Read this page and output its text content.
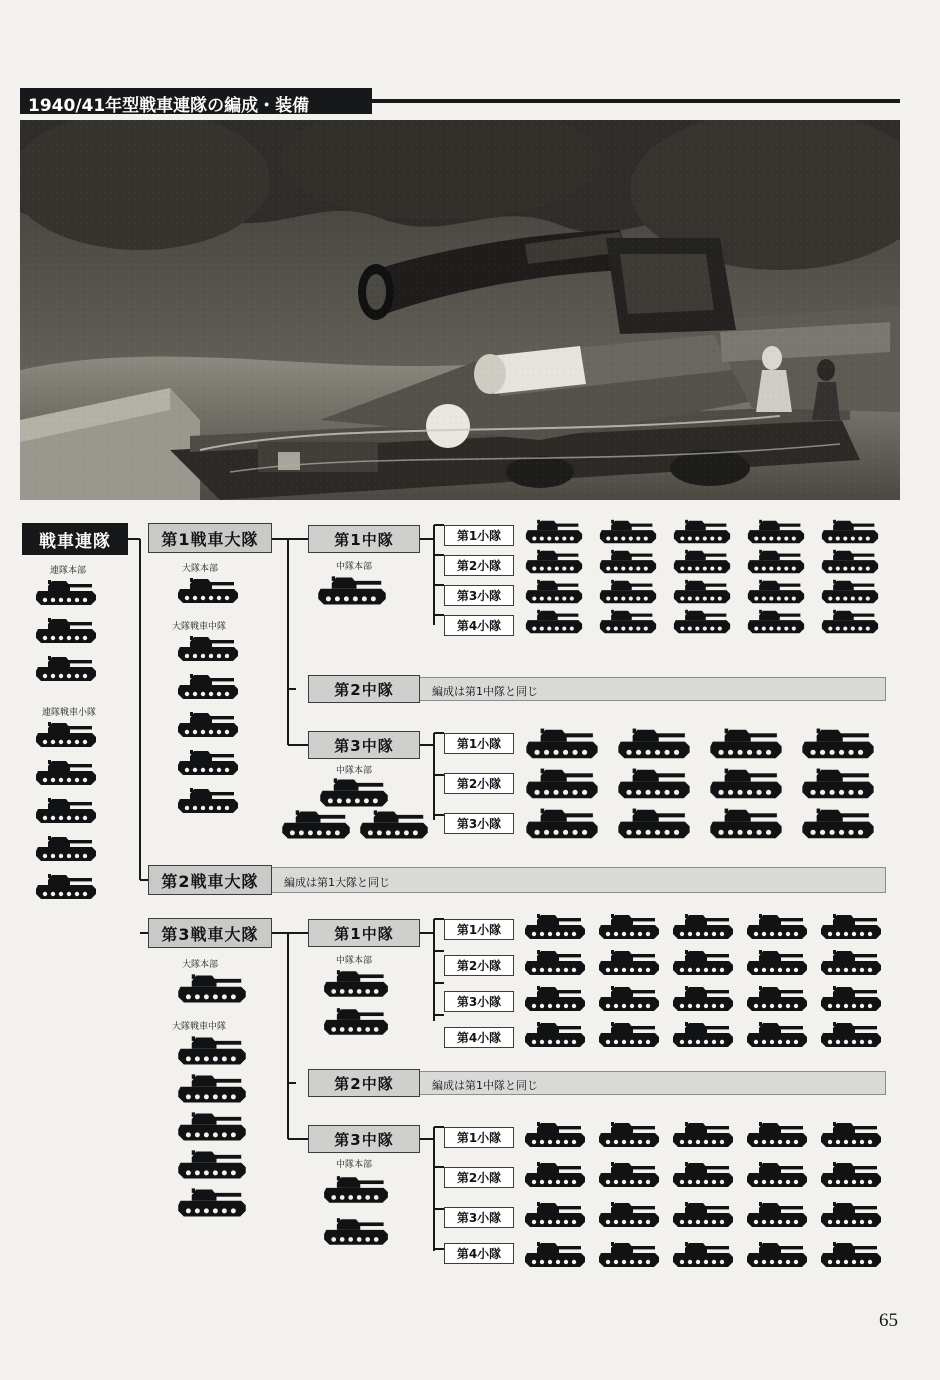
1940/41年型戦車連隊の編成・装備
戦車連隊
連隊本部
連隊戦車小隊
第1戦車大隊
大隊本部
大隊戦車中隊
第1中隊
中隊本部
第1小隊
第2小隊
第3小隊
第4小隊
第2中隊	編成は第1中隊と同じ
第3中隊
中隊本部
第1小隊
第2小隊
第3小隊
第2戦車大隊 編成は第1大隊と同じ
第3戦車大隊
大隊本部
大隊戦車中隊
第1中隊
中隊本部
第1小隊
第2小隊
第3小隊
第4小隊
第2中隊	編成は第1中隊と同じ
第3中隊
中隊本部
第1小隊
第2小隊
第3小隊
第4小隊
65
